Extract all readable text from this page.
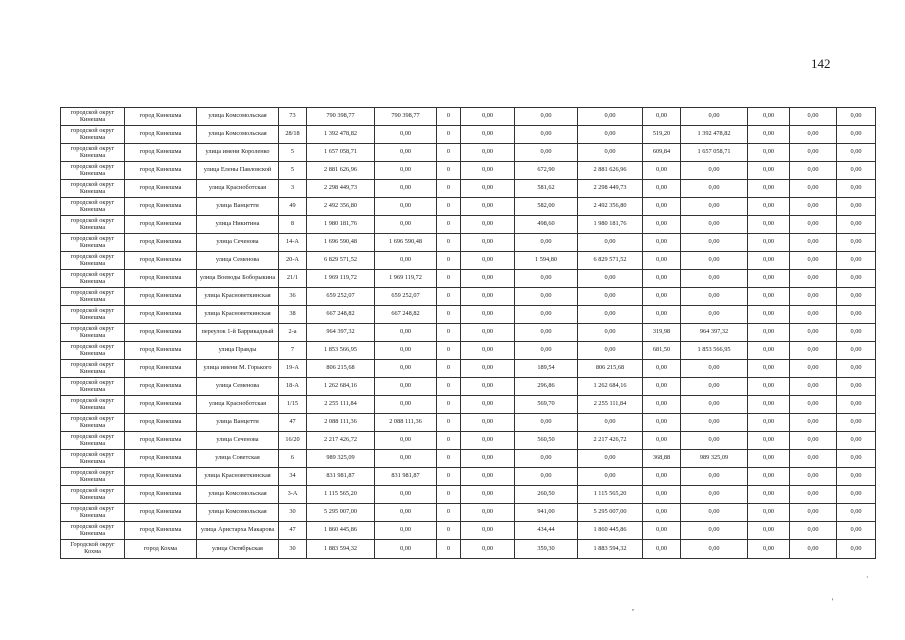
142
городской округ Кинешма	город Кинешма	улица Комсомольская	73	790 398,77	790 398,77	0	0,00	0,00	0,00	0,00	0,00	0,00	0,00	0,00
городской округ Кинешма	город Кинешма	улица Комсомольская	28/18	1 392 478,82	0,00	0	0,00	0,00	0,00	519,20	1 392 478,82	0,00	0,00	0,00
городской округ Кинешма	город Кинешма	улица имени Короленко	5	1 657 058,71	0,00	0	0,00	0,00	0,00	609,84	1 657 058,71	0,00	0,00	0,00
городской округ Кинешма	город Кинешма	улица Елены Павловской	5	2 881 626,96	0,00	0	0,00	672,90	2 881 626,96	0,00	0,00	0,00	0,00	0,00
городской округ Кинешма	город Кинешма	улица Красноботская	3	2 298 449,73	0,00	0	0,00	581,62	2 298 449,73	0,00	0,00	0,00	0,00	0,00
городской округ Кинешма	город Кинешма	улица Ванцетти	49	2 492 356,80	0,00	0	0,00	582,00	2 492 356,80	0,00	0,00	0,00	0,00	0,00
городской округ Кинешма	город Кинешма	улица Никитина	8	1 980 181,76	0,00	0	0,00	498,60	1 980 181,76	0,00	0,00	0,00	0,00	0,00
городской округ Кинешма	город Кинешма	улица Сеченова	14-А	1 696 590,48	1 696 590,48	0	0,00	0,00	0,00	0,00	0,00	0,00	0,00	0,00
городской округ Кинешма	город Кинешма	улица Семенова	20-А	6 829 571,52	0,00	0	0,00	1 594,80	6 829 571,52	0,00	0,00	0,00	0,00	0,00
городской округ Кинешма	город Кинешма	улица Воеводы Боборыкина	21/1	1 969 119,72	1 969 119,72	0	0,00	0,00	0,00	0,00	0,00	0,00	0,00	0,00
городской округ Кинешма	город Кинешма	улица Красноветкинская	36	659 252,07	659 252,07	0	0,00	0,00	0,00	0,00	0,00	0,00	0,00	0,00
городской округ Кинешма	город Кинешма	улица Красноветкинская	38	667 248,82	667 248,82	0	0,00	0,00	0,00	0,00	0,00	0,00	0,00	0,00
городской округ Кинешма	город Кинешма	переулок 1-й Баррикадный	2-а	964 397,32	0,00	0	0,00	0,00	0,00	319,98	964 397,32	0,00	0,00	0,00
городской округ Кинешма	город Кинешма	улица Правды	7	1 853 566,95	0,00	0	0,00	0,00	0,00	681,50	1 853 566,95	0,00	0,00	0,00
городской округ Кинешма	город Кинешма	улица имени М. Горького	19-А	806 215,68	0,00	0	0,00	189,54	806 215,68	0,00	0,00	0,00	0,00	0,00
городской округ Кинешма	город Кинешма	улица Семенова	18-А	1 262 684,16	0,00	0	0,00	296,86	1 262 684,16	0,00	0,00	0,00	0,00	0,00
городской округ Кинешма	город Кинешма	улица Красноботская	1/15	2 255 111,84	0,00	0	0,00	569,70	2 255 111,84	0,00	0,00	0,00	0,00	0,00
городской округ Кинешма	город Кинешма	улица Ванцетти	47	2 088 111,36	2 088 111,36	0	0,00	0,00	0,00	0,00	0,00	0,00	0,00	0,00
городской округ Кинешма	город Кинешма	улица Сеченова	16/20	2 217 426,72	0,00	0	0,00	560,50	2 217 426,72	0,00	0,00	0,00	0,00	0,00
городской округ Кинешма	город Кинешма	улица Советская	6	989 325,09	0,00	0	0,00	0,00	0,00	368,88	989 325,09	0,00	0,00	0,00
городской округ Кинешма	город Кинешма	улица Красноветкинская	34	831 981,87	831 981,87	0	0,00	0,00	0,00	0,00	0,00	0,00	0,00	0,00
городской округ Кинешма	город Кинешма	улица Комсомольская	3-А	1 115 565,20	0,00	0	0,00	260,50	1 115 565,20	0,00	0,00	0,00	0,00	0,00
городской округ Кинешма	город Кинешма	улица Комсомольская	30	5 295 007,00	0,00	0	0,00	941,00	5 295 007,00	0,00	0,00	0,00	0,00	0,00
городской округ Кинешма	город Кинешма	улица Аристарха Макарова	47	1 860 445,86	0,00	0	0,00	434,44	1 860 445,86	0,00	0,00	0,00	0,00	0,00
Городской округ Кохма	город Кохма	улица Октябрьская	30	1 883 594,32	0,00	0	0,00	359,30	1 883 594,32	0,00	0,00	0,00	0,00	0,00
,
'
·
